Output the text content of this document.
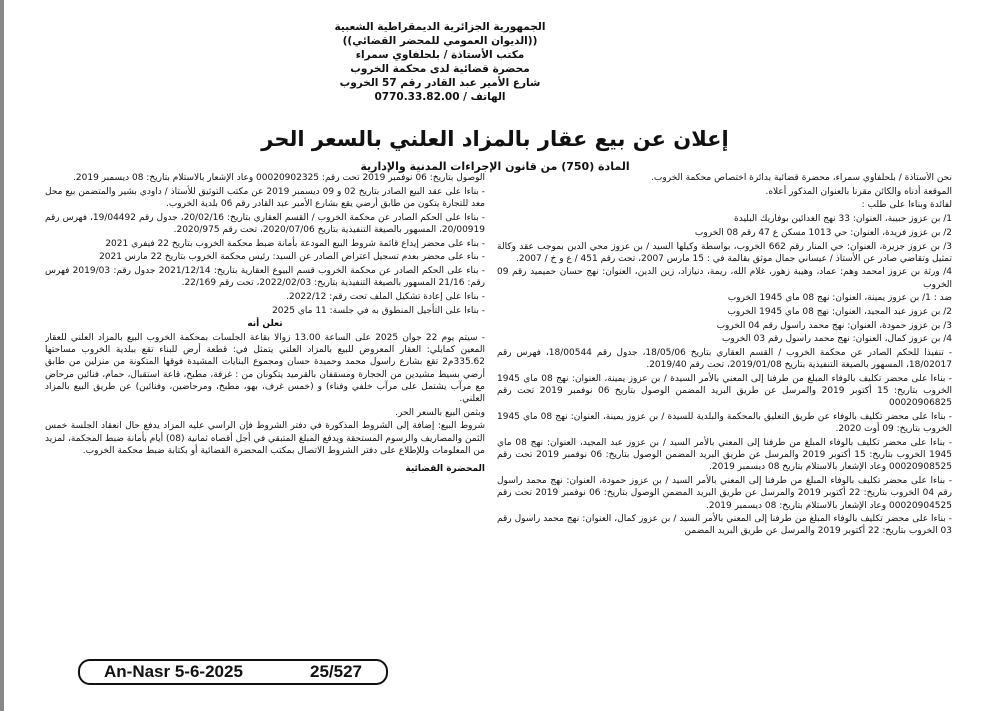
الجمهورية الجزائرية الديمقراطية الشعبية
((الديوان العمومي للمحضر القضائي))
مكتب الأستاذة / بلحلفاوي سمراء
محضرة قضائية لدى محكمة الخروب
شارع الأمير عبد القادر رقم 57 الخروب
الهاتف / 0770.33.82.00
إعلان عن بيع عقار بالمزاد العلني بالسعر الحر
المادة (750) من قانون الإجراءات المدنية والإدارية

نحن الأستاذة / بلحلفاوي سمراء، محضرة قضائية بدائرة اختصاص محكمة الخروب.

الموقعة أدناه والكائن مقرنا بالعنوان المذكور أعلاه.

لفائدة وبناءا على طلب :

1/ بن عزوز حبيبة، العنوان: 33 نهج الغدائين بوفاريك البليدة

2/ بن عزوز فريدة، العنوان: حي 1013 مسكن ع 47 رقم 08 الخروب

3/ بن عزوز جزيرة، العنوان: حي المنار رقم 662 الخروب، بواسطة وكيلها السيد / بن عزوز محي الدين بموجب عقد وكالة تمثيل وتقاضي صادر عن الأستاذ / عيساني جمال موثق بقالمة في : 15 مارس 2007، تحت رقم 451 / ع و خ / 2007.

4/ ورثة بن عزوز امحمد وهم: عماد، وهيبة زهور، غلام الله، ريمة، دنيازاد، زين الدين، العنوان: نهج حسان حميميد رقم 09 الخروب

ضد : 1/ بن عزوز يمينة، العنوان: نهج 08 ماي 1945 الخروب

2/ بن عزوز عبد المجيد، العنوان: نهج 08 ماي 1945 الخروب

3/ بن عزوز حمودة، العنوان: نهج محمد راسول رقم 04 الخروب

4/ بن عزوز كمال، العنوان: نهج محمد راسول رقم 03 الخروب

- تنفيذا للحكم الصادر عن محكمة الخروب / القسم العقاري بتاريخ 18/05/06، جدول رقم 18/00544، فهرس رقم 18/02017، المسهور بالصيغة التنفيذية بتاريخ 2019/01/08، تحت رقم 2019/40.

- بناءا على محضر تكليف بالوفاء المبلغ من طرفنا إلى المعني بالأمر السيدة / بن عزوز يمينة، العنوان: نهج 08 ماي 1945 الخروب بتاريخ: 15 أكتوبر 2019 والمرسل عن طريق البريد المضمن الوصول بتاريخ 06 نوفمبر 2019 تحت رقم 00020906825

- بناءا على محضر تكليف بالوفاء عن طريق التعليق بالمحكمة والبلدية للسيدة / بن عزوز يمينة، العنوان: نهج 08 ماي 1945 الخروب بتاريخ: 09 أوت 2020.

- بناءا على محضر تكليف بالوفاء المبلغ من طرفنا إلى المعني بالأمر السيد / بن عزوز عبد المجيد، العنوان: نهج 08 ماي 1945 الخروب بتاريخ: 15 أكتوبر 2019 والمرسل عن طريق البريد المضمن الوصول بتاريخ: 06 نوفمبر 2019 تحت رقم 00020908525 وعاد الإشعار بالاستلام بتاريخ 08 ديسمبر 2019.

- بناءا على محضر تكليف بالوفاء المبلغ من طرفنا إلى المعني بالأمر السيد / بن عزوز حمودة، العنوان: نهج محمد راسول رقم 04 الخروب بتاريخ: 22 أكتوبر 2019 والمرسل عن طريق البريد المضمن الوصول بتاريخ: 06 نوفمبر 2019 تحت رقم 00020904525 وعاد الإشعار بالاستلام بتاريخ: 08 ديسمبر 2019.

- بناءا على محضر تكليف بالوفاء المبلغ من طرفنا إلى المعني بالأمر السيد / بن عزوز كمال، العنوان: نهج محمد راسول رقم 03 الخروب بتاريخ: 22 أكتوبر 2019 والمرسل عن طريق البريد المضمن

الوصول بتاريخ: 06 نوفمبر 2019 تحت رقم: 00020902325 وعاد الإشعار بالاستلام بتاريخ: 08 ديسمبر 2019.

- بناءا على عقد البيع الصادر بتاريخ 02 و 09 ديسمبر 2019 عن مكتب التوثيق للأستاذ / داودي بشير والمتضمن بيع محل معد للتجارة يتكون من طابق أرضي يقع بشارع الأمير عبد القادر رقم 06 بلدية الخروب.

- بناءا على الحكم الصادر عن محكمة الخروب / القسم العقاري بتاريخ: 20/02/16، جدول رقم 19/04492، فهرس رقم 20/00919، المسهور بالصيغة التنفيذية بتاريخ 2020/07/06، تحت رقم 2020/975.

- بناء على محضر إيداع قائمة شروط البيع المودعة بأمانة ضبط محكمة الخروب بتاريخ 22 فيفري 2021

- بناء على محضر بعدم تسجيل اعتراض الصادر عن السيد: رئيس محكمة الخروب بتاريخ 22 مارس 2021

- بناء على الحكم الصادر عن محكمة الخروب قسم البيوع العقارية بتاريخ: 2021/12/14 جدول رقم: 2019/03 فهرس رقم: 21/16 المسهور بالصيغة التنفيذية بتاريخ: 2022/02/03، تحت رقم 22/169.

- بناءا على إعادة تشكيل الملف تحت رقم: 2022/12.

- بناءا على التأجيل المنطوق به في جلسة: 11 ماي 2025

تعلن أنه

- سيتم يوم 22 جوان 2025 على الساعة 13.00 زوالا بقاعة الجلسات بمحكمة الخروب البيع بالمزاد العلني للعقار المعين كمايلي: العقار المعروض للبيع بالمزاد العلني يتمثل في: قطعة أرض للبناء تقع ببلدية الخروب مساحتها 335.62م2 تقع بشارع راسول محمد وحميدة حسان ومجموع البنايات المشيدة فوقها المتكونة من منزلين من طابق أرضي بسيط مشيدين من الحجارة ومسقفان بالقرميد يتكونان من : غرفة، مطبخ، قاعة استقبال، حمام، فنائين مرحاض مع مرآب يشتمل على مرآب خلفي وفناء) و (خمس غرف، بهو، مطبخ، ومرحاضين، وفنائين) عن طريق البيع بالمزاد العلني.

وبثمن البيع بالسعر الحر.

شروط البيع: إضافة إلى الشروط المذكورة في دفتر الشروط فإن الراسي عليه المزاد يدفع حال انعقاد الجلسة خمس الثمن والمصاريف والرسوم المستحقة ويدفع المبلغ المتبقي في أجل أقصاه ثمانية (08) أيام بأمانة ضبط المحكمة، لمزيد من المعلومات وللإطلاع على دفتر الشروط الاتصال بمكتب المحضرة القضائية أو بكتابة ضبط محكمة الخروب.

المحضرة القضائية

An-Nasr 5-6-2025	25/527
